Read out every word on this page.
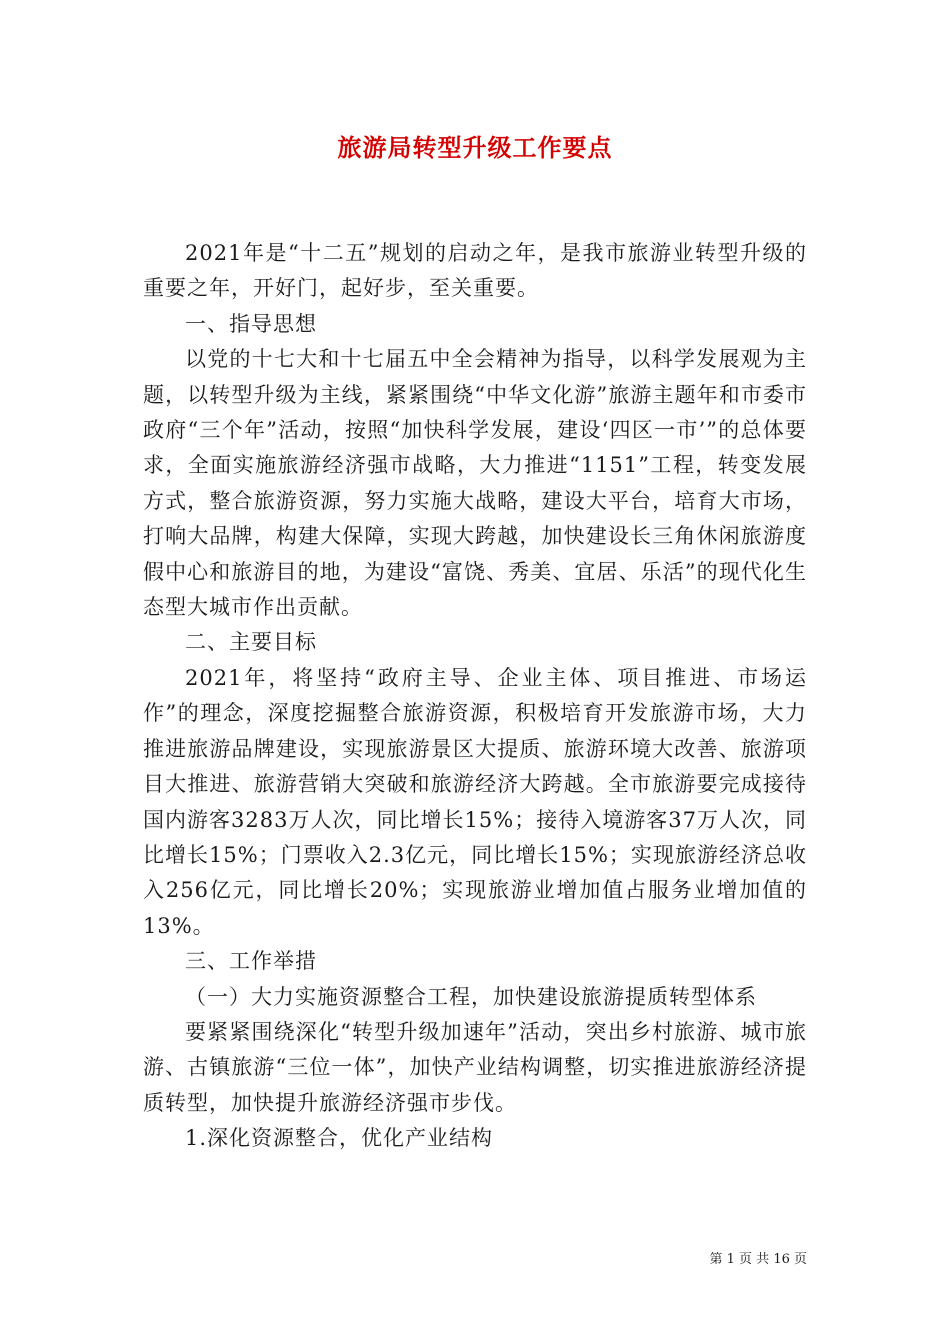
旅游局转型升级工作要点

2021年是“十二五”规划的启动之年，是我市旅游业转型升级的重要之年，开好门，起好步，至关重要。

一、指导思想

以党的十七大和十七届五中全会精神为指导，以科学发展观为主题，以转型升级为主线，紧紧围绕“中华文化游”旅游主题年和市委市政府“三个年”活动，按照“加快科学发展，建设‘四区一市’”的总体要求，全面实施旅游经济强市战略，大力推进“1151”工程，转变发展方式，整合旅游资源，努力实施大战略，建设大平台，培育大市场，打响大品牌，构建大保障，实现大跨越，加快建设长三角休闲旅游度假中心和旅游目的地，为建设“富饶、秀美、宜居、乐活”的现代化生态型大城市作出贡献。

二、主要目标

2021年，将坚持“政府主导、企业主体、项目推进、市场运作”的理念，深度挖掘整合旅游资源，积极培育开发旅游市场，大力推进旅游品牌建设，实现旅游景区大提质、旅游环境大改善、旅游项目大推进、旅游营销大突破和旅游经济大跨越。全市旅游要完成接待国内游客3283万人次，同比增长15%；接待入境游客37万人次，同比增长15%；门票收入2.3亿元，同比增长15%；实现旅游经济总收入256亿元，同比增长20%；实现旅游业增加值占服务业增加值的13%。

三、工作举措

（一）大力实施资源整合工程，加快建设旅游提质转型体系

要紧紧围绕深化“转型升级加速年”活动，突出乡村旅游、城市旅游、古镇旅游“三位一体”，加快产业结构调整，切实推进旅游经济提质转型，加快提升旅游经济强市步伐。

1.深化资源整合，优化产业结构

第 1 页 共 16 页
